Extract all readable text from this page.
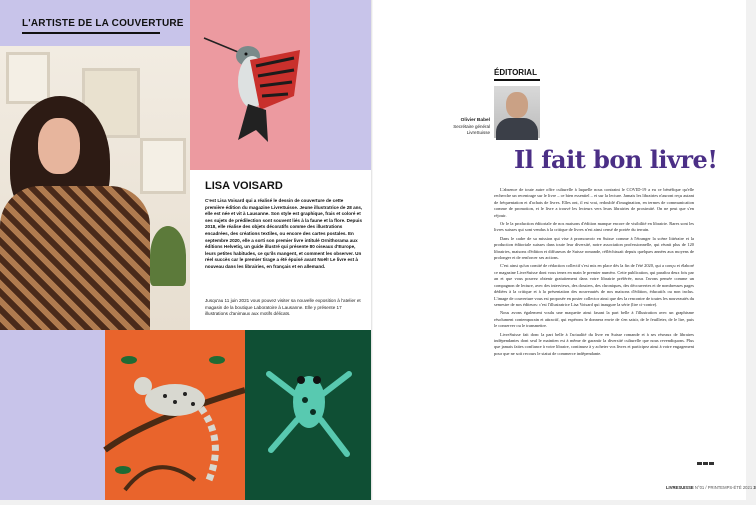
L'ARTISTE DE LA COUVERTURE
LISA VOISARD
C'est Lisa Voisard qui a réalisé le dessin de couverture de cette première édition du magazine LivreSuisse. Jeune illustratrice de 28 ans, elle est née et vit à Lausanne. Son style est graphique, frais et coloré et ses sujets de prédilection sont souvent liés à la faune et la flore. Depuis 2018, elle réalise des objets décoratifs comme des illustrations encadrées, des créations textiles, ou encore des cartes postales. En septembre 2020, elle a sorti son premier livre intitulé Ornithorama aux éditions Helvetiq, un guide illustré qui présente 80 oiseaux d'Europe, leurs petites habitudes, ce qu'ils mangent, et comment les observer. Un réel succès car le premier tirage a été épuisé avant Noël! Le livre est à nouveau dans les librairies, en français et en allemand.
Jusqu'au 11 juin 2021 vous pouvez visiter sa nouvelle exposition à l'atelier et magasin de la boutique Laboratoire à Lausanne. Elle y présente 17 illustrations d'animaux aux motifs délicats.
ÉDITORIAL
Olivier Babel
Secrétaire général LivreSuisse
Il fait bon livre!

L'absence de toute autre offre culturelle à laquelle nous contraint le COVID-19 a eu ce bénéfique qu'elle recherche un recentrage sur le livre – ce bien essentiel – et sur la lecture. Jamais les librairies n'auront reçu autant de fréquentation et d'achats de livres. Elles ont, il est vrai, redoublé d'imagination, en termes de communication comme de promotion, et le livre a trouvé les lecteurs vers leurs librairies de proximité. On ne peut que s'en réjouir.

Or le la production éditoriale de nos maisons d'édition manque encore de visibilité en librairie. Rares sont les livres suisses qui sont vendus à la critique de livres n'est ainsi censé de portée du terrain.

Dans le cadre de sa mission qui vise à promouvoir en Suisse comme à l'étranger la scène littéraire et la production éditoriale suisses dans toute leur diversité, notre association professionnelle, qui réunit plus de 120 librairies, maisons d'édition et diffuseurs de Suisse romande, réfléchissait depuis quelques années aux moyens de prolonger et de renforcer ses actions.

C'est ainsi qu'un comité de rédaction collectif s'est mis en place dès la fin de l'été 2020, qui a conçu et élaboré ce magazine LivreSuisse dont vous tenez en main le premier numéro. Cette publication, qui paraîtra deux fois par an et que vous pouvez obtenir gratuitement dans votre librairie préférée, nous l'avons pensée comme un compagnon de lecture, avec des interviews, des dossiers, des chroniques, des découvertes et de nombreuses pages dédiées à la critique et à la présentation des nouveautés de nos maisons d'édition, éducatifs ou non inclus. L'image de couverture vous est proposée en poster collector ainsi que des la rencontre de toutes les nouveautés du semestre de nos éditeurs: c'est l'illustratrice Lisa Voisard qui inaugure la série (lire ci-contre).

Nous avons également voulu une maquette ainsi fasant la part belle à l'illustration avec un graphisme résolument contemporain et attractif, qui espérons le donnera envie de s'en saisir, de le feuilleter, de le lire, puis le conserver ou le transmettre.

LivreSuisse fait donc la part belle à l'actualité du livre en Suisse romande et à ses réseaux de libraires indépendantes dont seul le maintien est à même de garantir la diversité culturelle que nous revendiquons. Plus que jamais faites confiance à votre libraire, continuez à y acheter vos livres et participez ainsi à votre engagement pour que ne soit recours le statut de commerce indépendante.

LIVRESUISSE N°01 / PRINTEMPS-ÉTÉ 2021 3
